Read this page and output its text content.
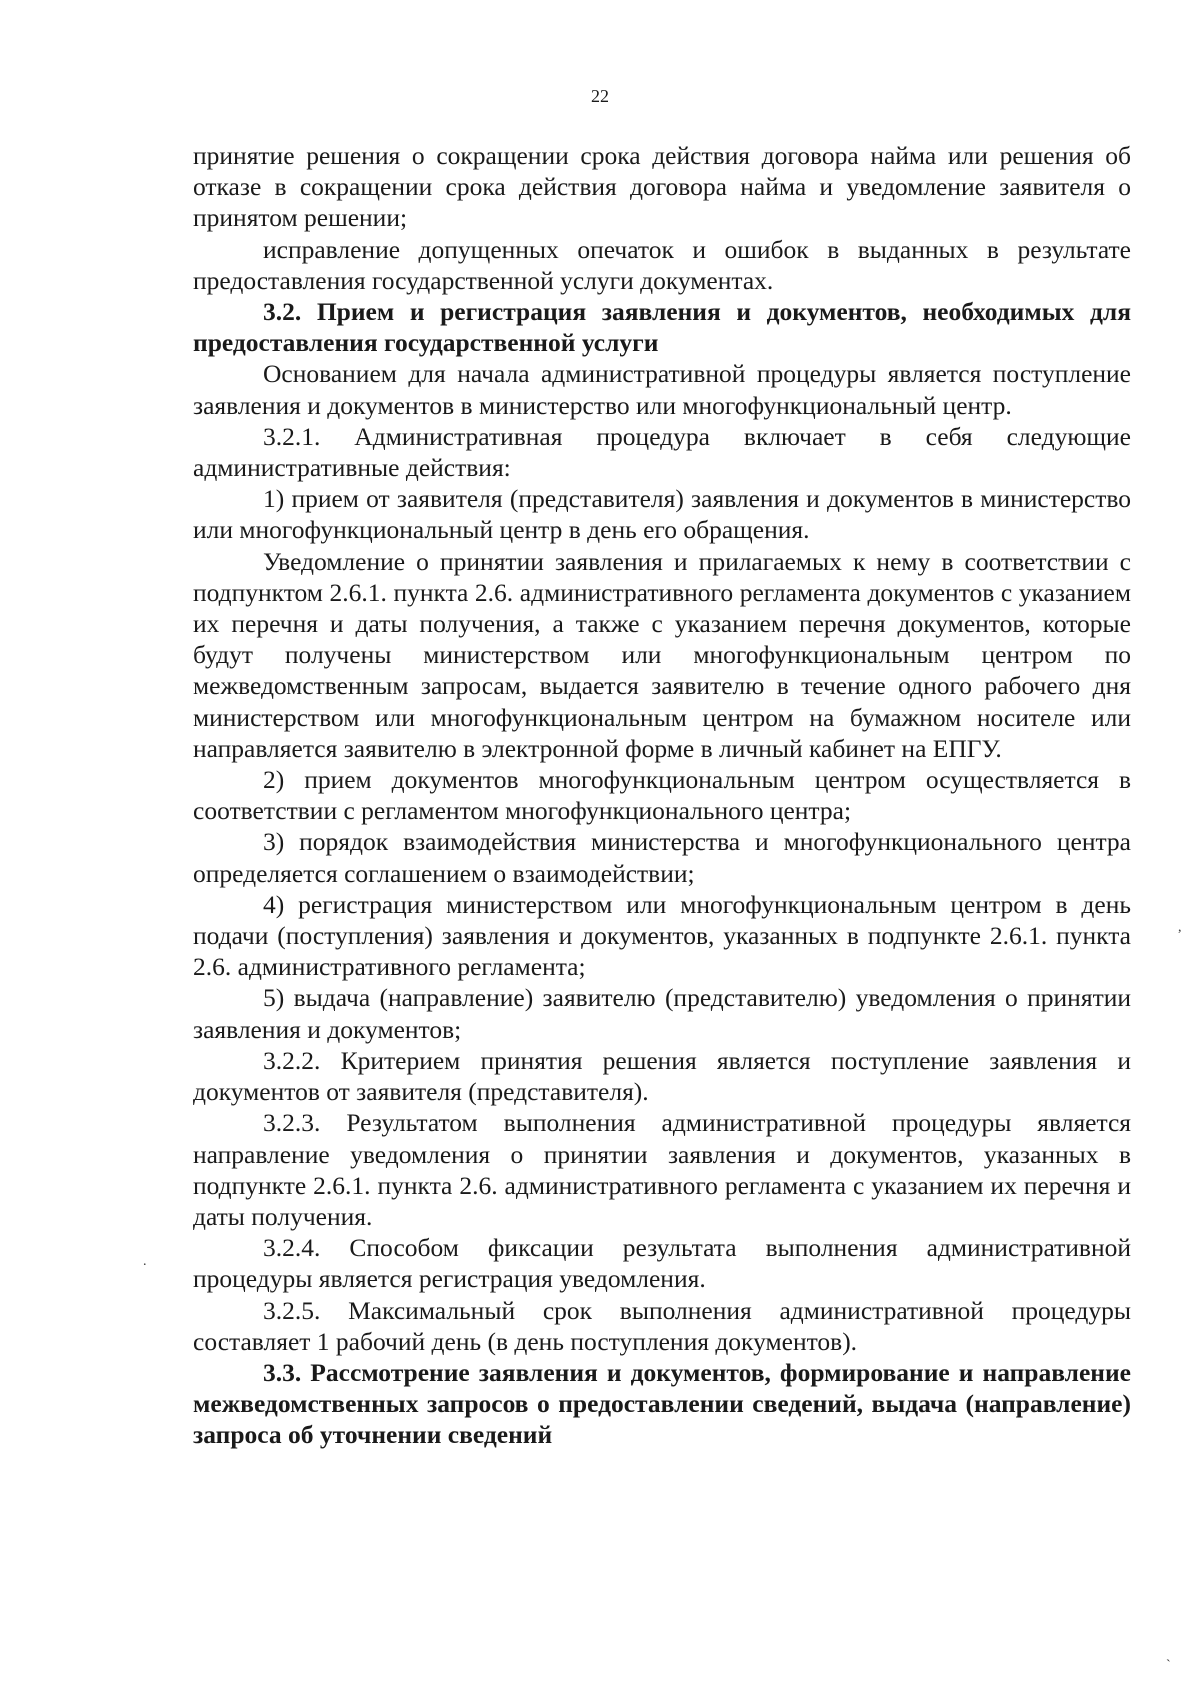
22

принятие решения о сокращении срока действия договора найма или решения об отказе в сокращении срока действия договора найма и уведомление заявителя о принятом решении;

исправление допущенных опечаток и ошибок в выданных в результате предоставления государственной услуги документах.

3.2. Прием и регистрация заявления и документов, необходимых для предоставления государственной услуги

Основанием для начала административной процедуры является поступление заявления и документов в министерство или многофункциональный центр.

3.2.1. Административная процедура включает в себя следующие административные действия:

1) прием от заявителя (представителя) заявления и документов в министерство или многофункциональный центр в день его обращения.

Уведомление о принятии заявления и прилагаемых к нему в соответствии с подпунктом 2.6.1. пункта 2.6. административного регламента документов с указанием их перечня и даты получения, а также с указанием перечня документов, которые будут получены министерством или многофункциональным центром по межведомственным запросам, выдается заявителю в течение одного рабочего дня министерством или многофункциональным центром на бумажном носителе или направляется заявителю в электронной форме в личный кабинет на ЕПГУ.

2) прием документов многофункциональным центром осуществляется в соответствии с регламентом многофункционального центра;

3) порядок взаимодействия министерства и многофункционального центра определяется соглашением о взаимодействии;

4) регистрация министерством или многофункциональным центром в день подачи (поступления) заявления и документов, указанных в подпункте 2.6.1. пункта 2.6. административного регламента;

5) выдача (направление) заявителю (представителю) уведомления о принятии заявления и документов;

3.2.2. Критерием принятия решения является поступление заявления и документов от заявителя (представителя).

3.2.3. Результатом выполнения административной процедуры является направление уведомления о принятии заявления и документов, указанных в подпункте 2.6.1. пункта 2.6. административного регламента с указанием их перечня и даты получения.

3.2.4. Способом фиксации результата выполнения административной процедуры является регистрация уведомления.

3.2.5. Максимальный срок выполнения административной процедуры составляет 1 рабочий день (в день поступления документов).

3.3. Рассмотрение заявления и документов, формирование и направление межведомственных запросов о предоставлении сведений, выдача (направление) запроса об уточнении сведений

,
.
ˋ
